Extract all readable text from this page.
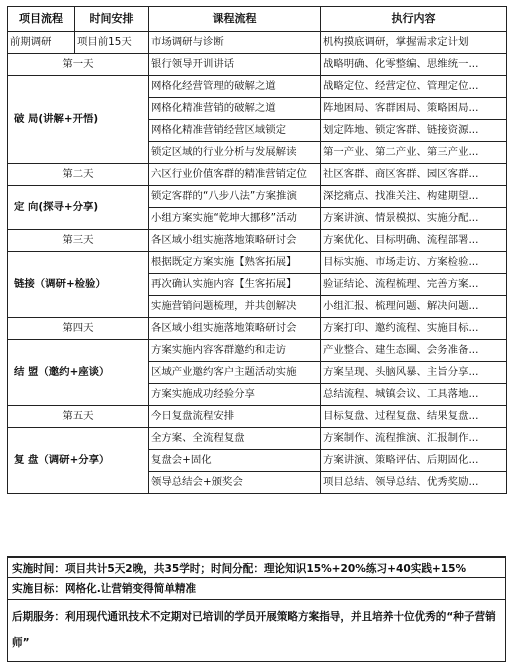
项目流程	时间安排	课程流程	执行内容
前期调研	项目前15天	市场调研与诊断	机构摸底调研，掌握需求定计划
第一天		银行领导开训讲话	战略明确、化零整编、思维统一...
破 局(讲解+开悟)		网格化经营管理的破解之道	战略定位、经营定位、管理定位...
		网格化精准营销的破解之道	阵地困局、客群困局、策略困局...
		网格化精准营销经营区域锁定	划定阵地、锁定客群、链接资源...
		锁定区域的行业分析与发展解读	第一产业、第二产业、第三产业...
第二天		六区行业价值客群的精准营销定位	社区客群、商区客群、园区客群...
定 向(探寻+分享)		锁定客群的“八步八法”方案推演	深挖痛点、找准关注、构建期望...
		小组方案实施“乾坤大挪移”活动	方案讲演、情景模拟、实施分配...
第三天		各区域小组实施落地策略研讨会	方案优化、目标明确、流程部署...
链接（调研+检验）		根据既定方案实施【熟客拓展】	目标实施、市场走访、方案检验...
		再次确认实施内容【生客拓展】	验证结论、流程梳理、完善方案...
		实施营销问题梳理，并共创解决	小组汇报、梳理问题、解决问题...
第四天		各区域小组实施落地策略研讨会	方案打印、邀约流程、实施目标...
结 盟（邀约+座谈）		方案实施内容客群邀约和走访	产业整合、建生态圈、会务准备...
		区域产业邀约客户主题活动实施	方案呈现、头脑风暴、主旨分享...
		方案实施成功经验分享	总结流程、城镇会议、工具落地...
第五天		今日复盘流程安排	目标复盘、过程复盘、结果复盘...
复 盘（调研+分享）		全方案、全流程复盘	方案制作、流程推演、汇报制作...
		复盘会+固化	方案讲演、策略评估、后期固化...
		领导总结会+颁奖会	项目总结、领导总结、优秀奖励...
实施时间：项目共计5天2晚，共35学时；时间分配：理论知识15%+20%练习+40实践+15%
实施目标：网格化.让营销变得简单精准
后期服务：利用现代通讯技术不定期对已培训的学员开展策略方案指导，并且培养十位优秀的“种子营销师”
